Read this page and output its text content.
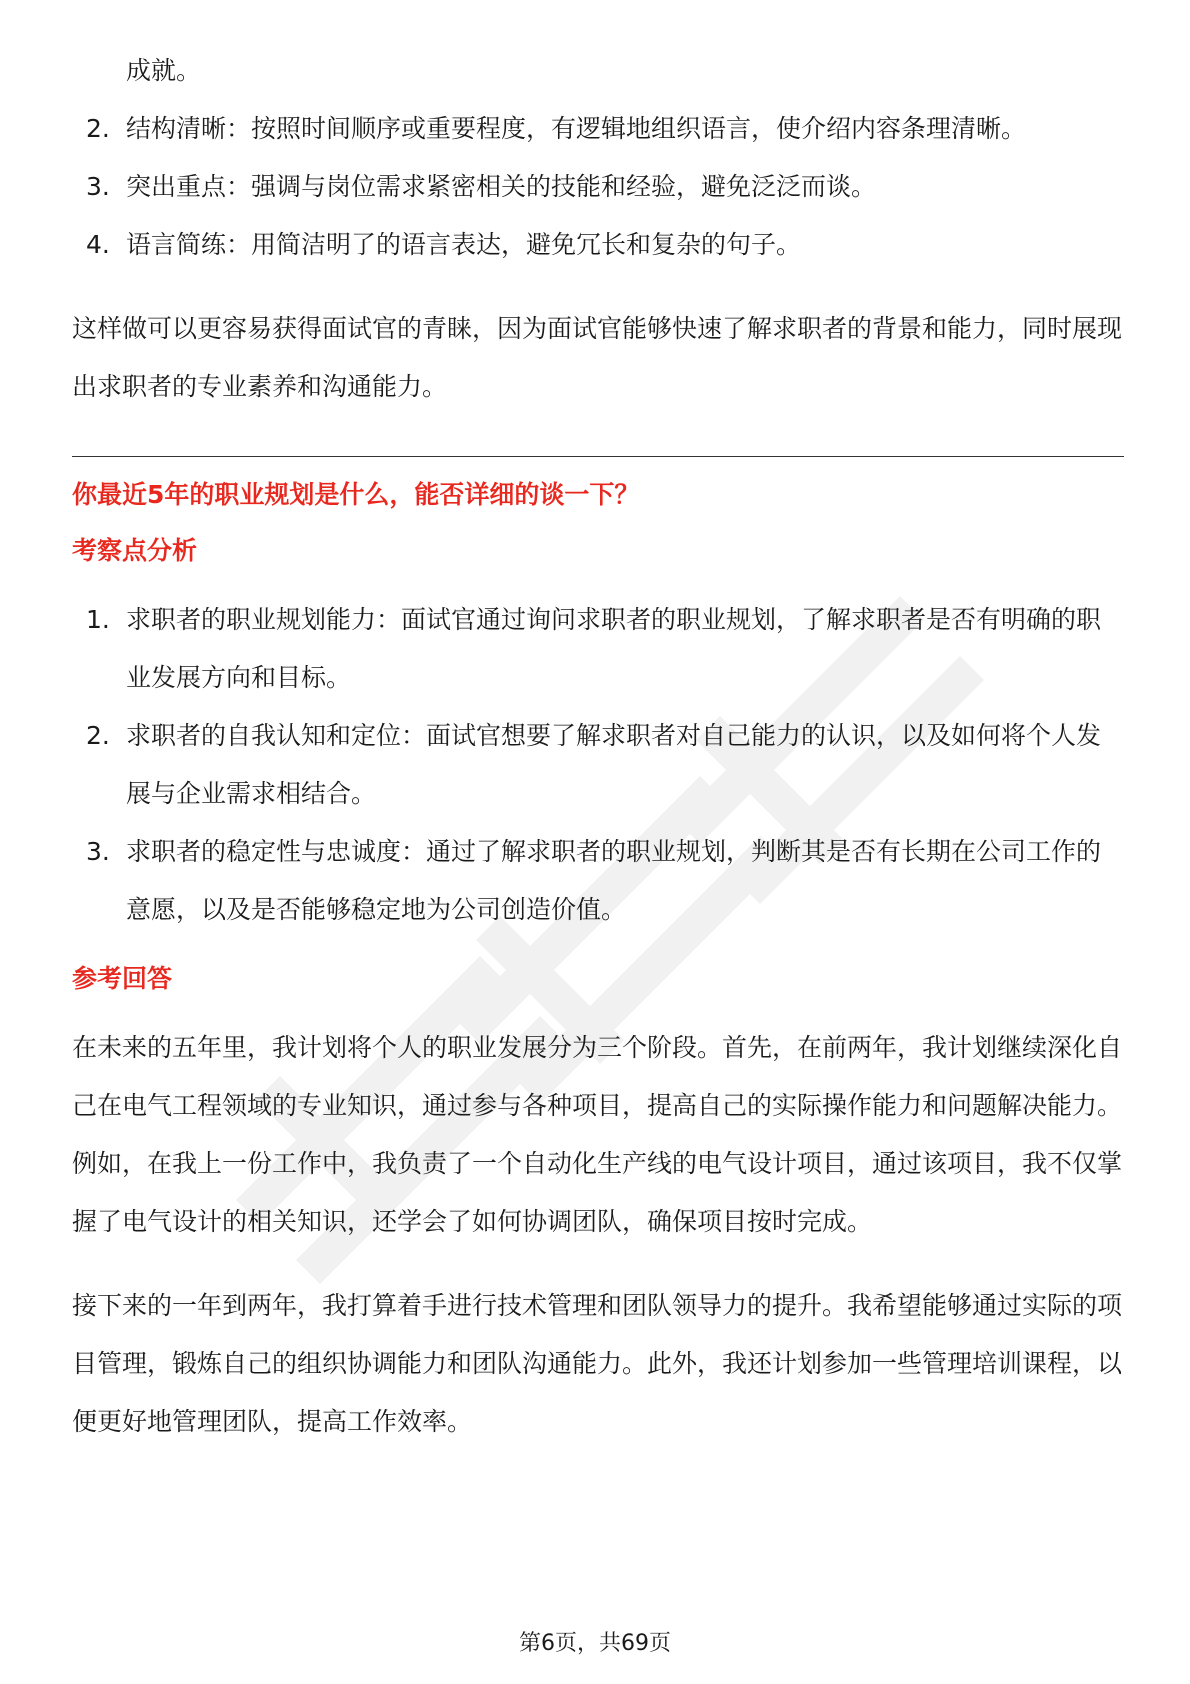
成就。

2. 结构清晰：按照时间顺序或重要程度，有逻辑地组织语言，使介绍内容条理清晰。
3. 突出重点：强调与岗位需求紧密相关的技能和经验，避免泛泛而谈。
4. 语言简练：用简洁明了的语言表达，避免冗长和复杂的句子。

这样做可以更容易获得面试官的青睐，因为面试官能够快速了解求职者的背景和能力，同时展现出求职者的专业素养和沟通能力。

你最近5年的职业规划是什么，能否详细的谈一下？

考察点分析

1. 求职者的职业规划能力：面试官通过询问求职者的职业规划，了解求职者是否有明确的职业发展方向和目标。
2. 求职者的自我认知和定位：面试官想要了解求职者对自己能力的认识，以及如何将个人发展与企业需求相结合。
3. 求职者的稳定性与忠诚度：通过了解求职者的职业规划，判断其是否有长期在公司工作的意愿，以及是否能够稳定地为公司创造价值。

参考回答

在未来的五年里，我计划将个人的职业发展分为三个阶段。首先，在前两年，我计划继续深化自己在电气工程领域的专业知识，通过参与各种项目，提高自己的实际操作能力和问题解决能力。例如，在我上一份工作中，我负责了一个自动化生产线的电气设计项目，通过该项目，我不仅掌握了电气设计的相关知识，还学会了如何协调团队，确保项目按时完成。

接下来的一年到两年，我打算着手进行技术管理和团队领导力的提升。我希望能够通过实际的项目管理，锻炼自己的组织协调能力和团队沟通能力。此外，我还计划参加一些管理培训课程，以便更好地管理团队，提高工作效率。

第6页，共69页
